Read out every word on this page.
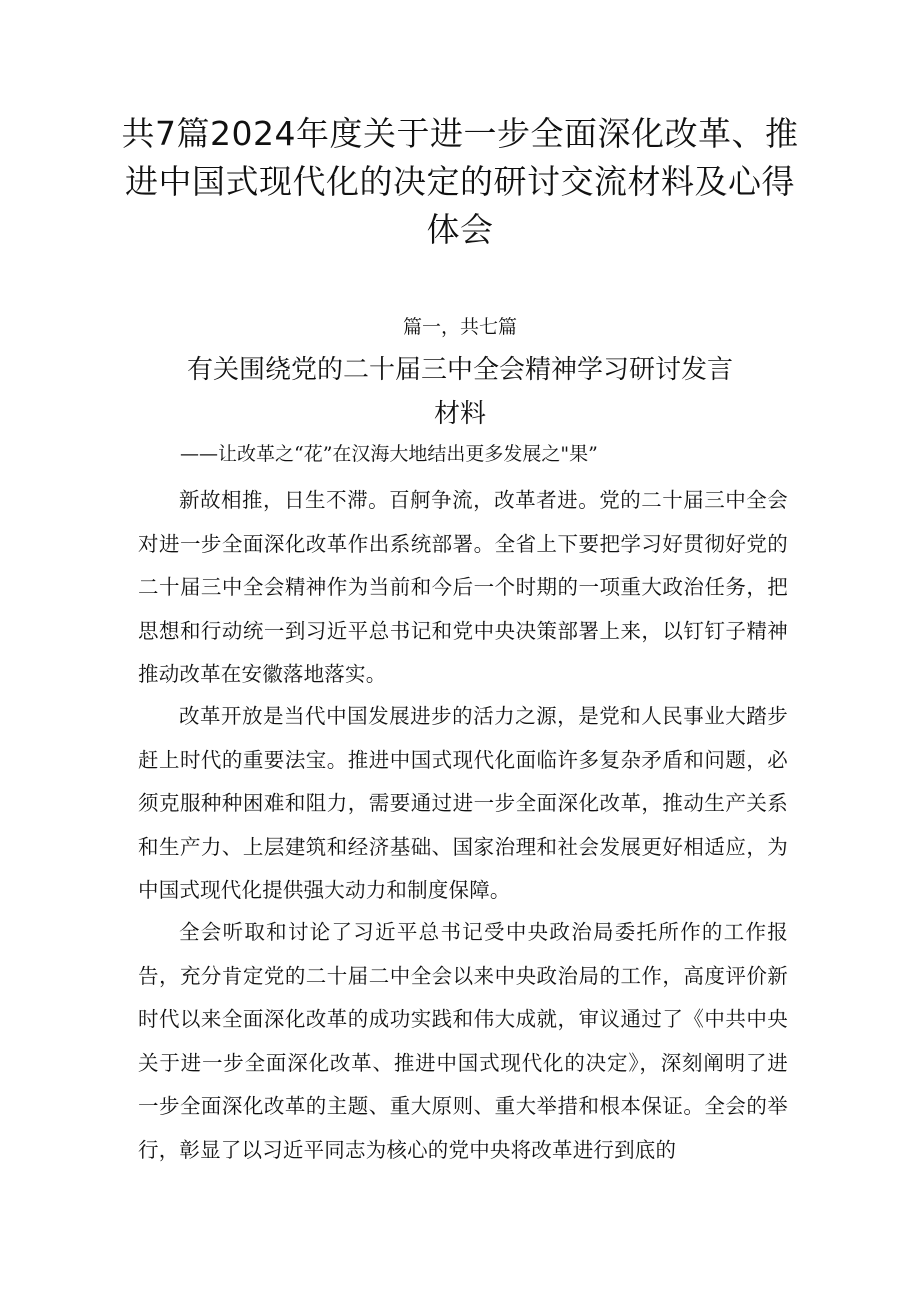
共7篇2024年度关于进一步全面深化改革、推进中国式现代化的决定的研讨交流材料及心得体会
篇一，共七篇
有关围绕党的二十届三中全会精神学习研讨发言材料
——让改革之“花”在汉海大地结出更多发展之"果”

新故相推，日生不滞。百舸争流，改革者进。党的二十届三中全会对进一步全面深化改革作出系统部署。全省上下要把学习好贯彻好党的二十届三中全会精神作为当前和今后一个时期的一项重大政治任务，把思想和行动统一到习近平总书记和党中央决策部署上来，以钉钉子精神推动改革在安徽落地落实。

改革开放是当代中国发展进步的活力之源，是党和人民事业大踏步赶上时代的重要法宝。推进中国式现代化面临许多复杂矛盾和问题，必须克服种种困难和阻力，需要通过进一步全面深化改革，推动生产关系和生产力、上层建筑和经济基础、国家治理和社会发展更好相适应，为中国式现代化提供强大动力和制度保障。

全会听取和讨论了习近平总书记受中央政治局委托所作的工作报告，充分肯定党的二十届二中全会以来中央政治局的工作，高度评价新时代以来全面深化改革的成功实践和伟大成就，审议通过了《中共中央关于进一步全面深化改革、推进中国式现代化的决定》，深刻阐明了进一步全面深化改革的主题、重大原则、重大举措和根本保证。全会的举行，彰显了以习近平同志为核心的党中央将改革进行到底的
